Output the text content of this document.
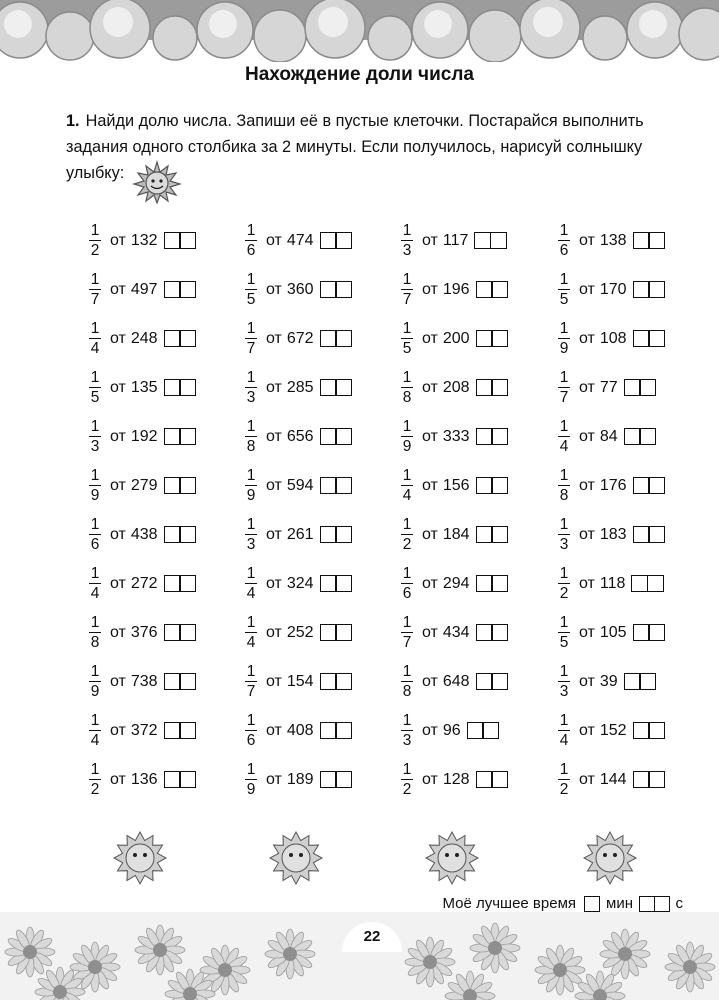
Нахождение доли числа
1. Найди долю числа. Запиши её в пустые клеточки. Постарайся выполнить задания одного столбика за 2 минуты. Если получилось, нарисуй солнышку улыбку:
$\frac{1}{2}$ от 132
$\frac{1}{7}$ от 497
$\frac{1}{4}$ от 248
$\frac{1}{5}$ от 135
$\frac{1}{3}$ от 192
$\frac{1}{9}$ от 279
$\frac{1}{6}$ от 438
$\frac{1}{4}$ от 272
$\frac{1}{8}$ от 376
$\frac{1}{9}$ от 738
$\frac{1}{4}$ от 372
$\frac{1}{2}$ от 136
$\frac{1}{6}$ от 474
$\frac{1}{5}$ от 360
$\frac{1}{7}$ от 672
$\frac{1}{3}$ от 285
$\frac{1}{8}$ от 656
$\frac{1}{9}$ от 594
$\frac{1}{3}$ от 261
$\frac{1}{4}$ от 324
$\frac{1}{4}$ от 252
$\frac{1}{7}$ от 154
$\frac{1}{6}$ от 408
$\frac{1}{9}$ от 189
$\frac{1}{3}$ от 117
$\frac{1}{7}$ от 196
$\frac{1}{5}$ от 200
$\frac{1}{8}$ от 208
$\frac{1}{9}$ от 333
$\frac{1}{4}$ от 156
$\frac{1}{2}$ от 184
$\frac{1}{6}$ от 294
$\frac{1}{7}$ от 434
$\frac{1}{8}$ от 648
$\frac{1}{3}$ от 96
$\frac{1}{2}$ от 128
$\frac{1}{6}$ от 138
$\frac{1}{5}$ от 170
$\frac{1}{9}$ от 108
$\frac{1}{7}$ от 77
$\frac{1}{4}$ от 84
$\frac{1}{8}$ от 176
$\frac{1}{3}$ от 183
$\frac{1}{2}$ от 118
$\frac{1}{5}$ от 105
$\frac{1}{3}$ от 39
$\frac{1}{4}$ от 152
$\frac{1}{2}$ от 144
Моё лучшее время мин	с
22
